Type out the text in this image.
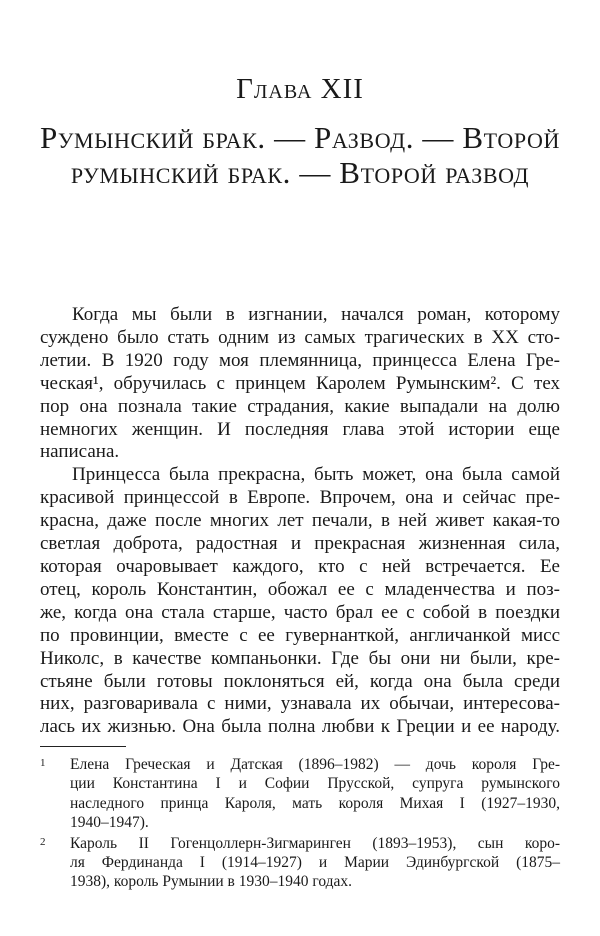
Глава XII
Румынский брак. — Развод. — Второй
румынский брак. — Второй развод
Когда мы были в изгнании, начался роман, которому
суждено было стать одним из самых трагических в XX сто-
летии. В 1920 году моя племянница, принцесса Елена Гре-
ческая¹, обручилась с принцем Каролем Румынским². С тех
пор она познала такие страдания, какие выпадали на долю
немногих женщин. И последняя глава этой истории еще
написана.
Принцесса была прекрасна, быть может, она была самой
красивой принцессой в Европе. Впрочем, она и сейчас пре-
красна, даже после многих лет печали, в ней живет какая-то
светлая доброта, радостная и прекрасная жизненная сила,
которая очаровывает каждого, кто с ней встречается. Ее
отец, король Константин, обожал ее с младенчества и поз-
же, когда она стала старше, часто брал ее с собой в поездки
по провинции, вместе с ее гувернанткой, англичанкой мисс
Николс, в качестве компаньонки. Где бы они ни были, кре-
стьяне были готовы поклоняться ей, когда она была среди
них, разговаривала с ними, узнавала их обычаи, интересова-
лась их жизнью. Она была полна любви к Греции и ее народу.
1	Елена Греческая и Датская (1896–1982) — дочь короля Гре-
ции Константина I и Софии Прусской, супруга румынского
наследного принца Кароля, мать короля Михая I (1927–1930,
1940–1947).
2	Кароль II Гогенцоллерн-Зигмаринген (1893–1953), сын коро-
ля Фердинанда I (1914–1927) и Марии Эдинбургской (1875–
1938), король Румынии в 1930–1940 годах.
